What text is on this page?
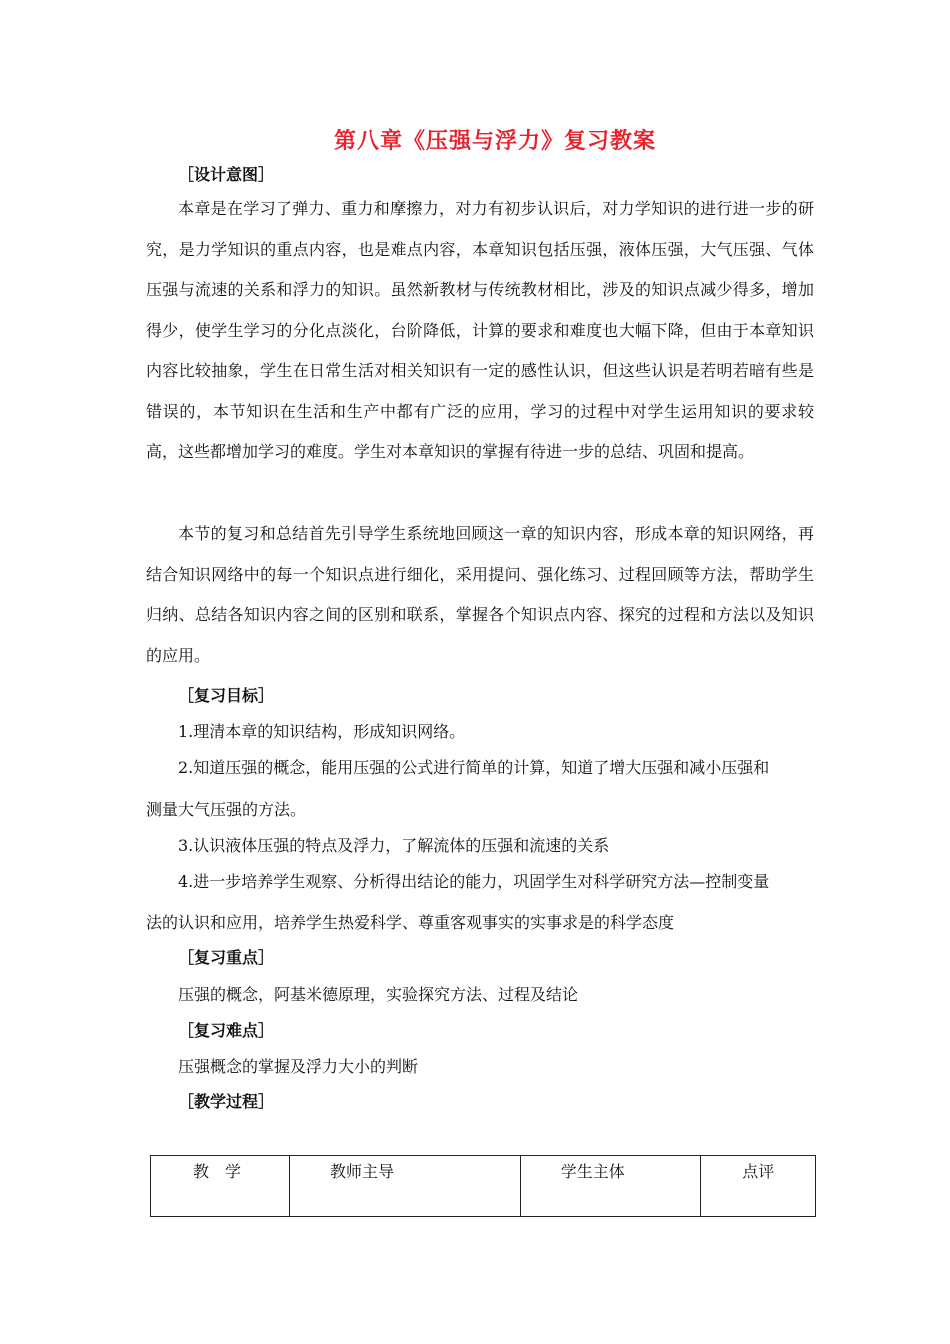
第八章《压强与浮力》复习教案
［设计意图］
本章是在学习了弹力、重力和摩擦力，对力有初步认识后，对力学知识的进行进一步的研究，是力学知识的重点内容，也是难点内容，本章知识包括压强，液体压强，大气压强、气体压强与流速的关系和浮力的知识。虽然新教材与传统教材相比，涉及的知识点减少得多，增加得少，使学生学习的分化点淡化，台阶降低，计算的要求和难度也大幅下降，但由于本章知识内容比较抽象，学生在日常生活对相关知识有一定的感性认识，但这些认识是若明若暗有些是错误的，本节知识在生活和生产中都有广泛的应用，学习的过程中对学生运用知识的要求较高，这些都增加学习的难度。学生对本章知识的掌握有待进一步的总结、巩固和提高。
本节的复习和总结首先引导学生系统地回顾这一章的知识内容，形成本章的知识网络，再结合知识网络中的每一个知识点进行细化，采用提问、强化练习、过程回顾等方法，帮助学生归纳、总结各知识内容之间的区别和联系，掌握各个知识点内容、探究的过程和方法以及知识的应用。
［复习目标］
1.理清本章的知识结构，形成知识网络。
2.知道压强的概念，能用压强的公式进行简单的计算，知道了增大压强和减小压强和
测量大气压强的方法。
3.认识液体压强的特点及浮力，了解流体的压强和流速的关系
4.进一步培养学生观察、分析得出结论的能力，巩固学生对科学研究方法—控制变量
法的认识和应用，培养学生热爱科学、尊重客观事实的实事求是的科学态度
［复习重点］
压强的概念，阿基米德原理，实验探究方法、过程及结论
［复习难点］
压强概念的掌握及浮力大小的判断
［教学过程］
教　学	教师主导	学生主体	点评
